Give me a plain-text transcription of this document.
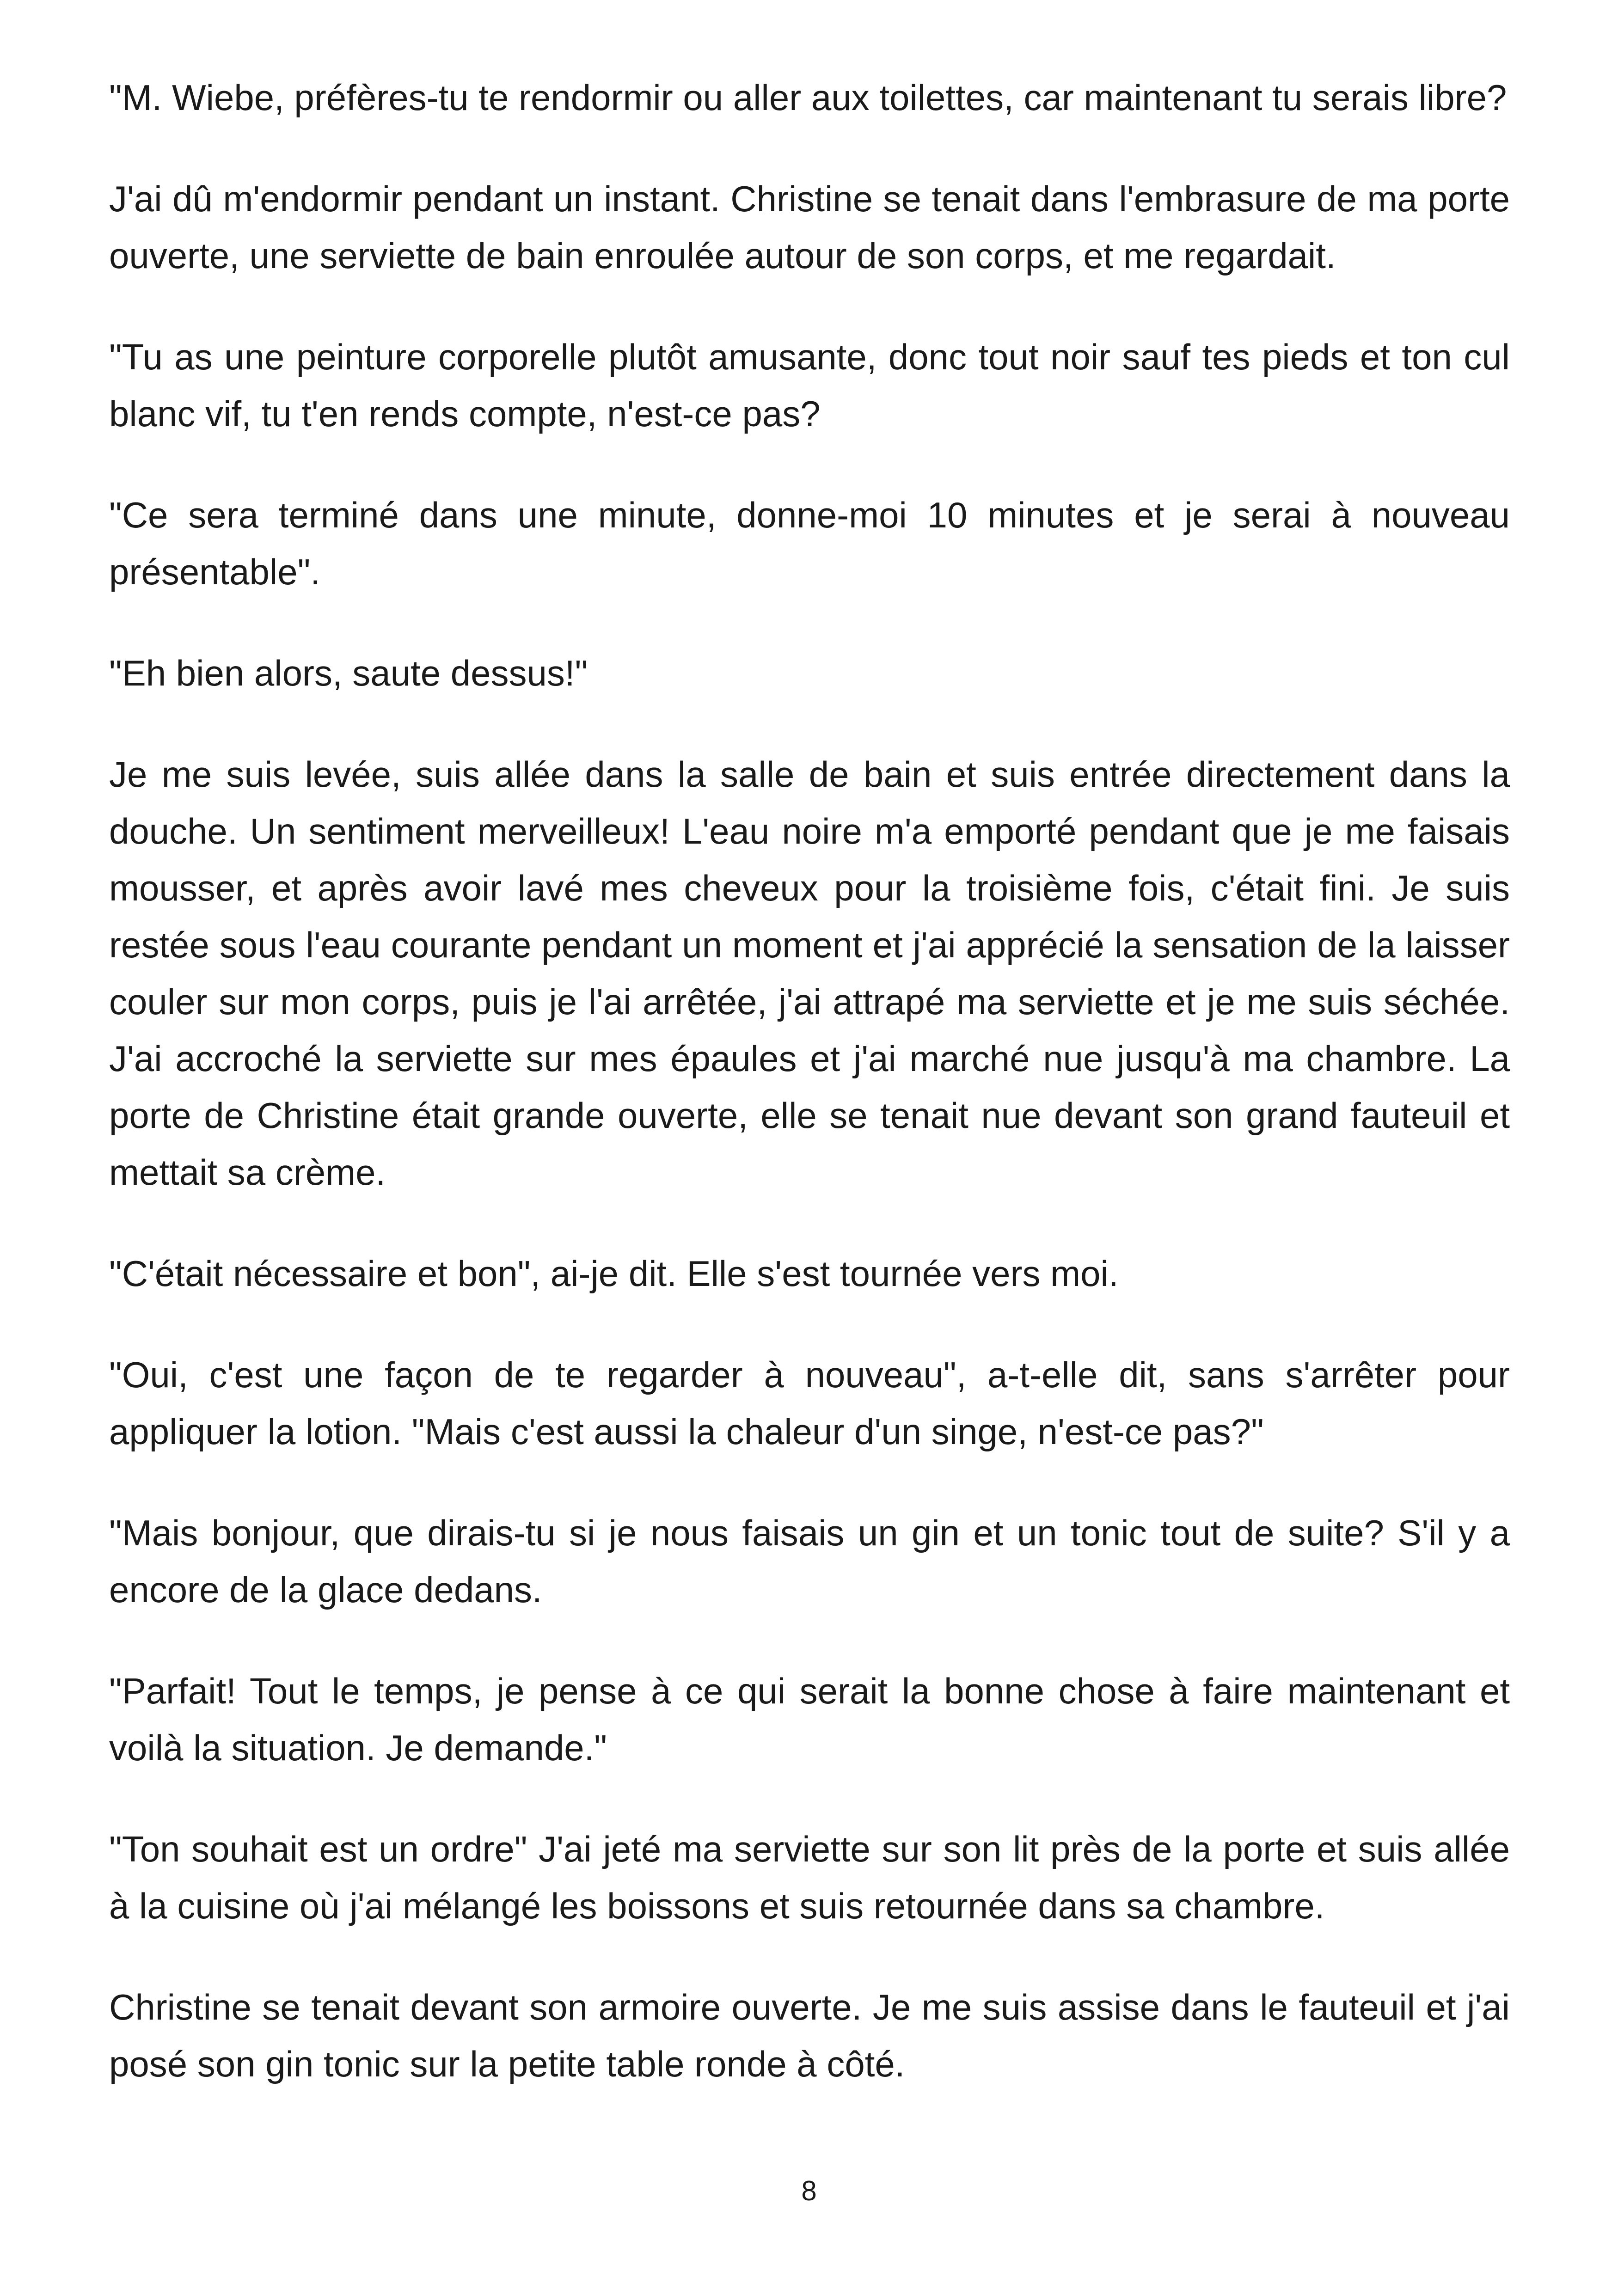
"M. Wiebe, préfères-tu te rendormir ou aller aux toilettes, car maintenant tu serais libre?

J'ai dû m'endormir pendant un instant. Christine se tenait dans l'embrasure de ma porte ouverte, une serviette de bain enroulée autour de son corps, et me regardait.

"Tu as une peinture corporelle plutôt amusante, donc tout noir sauf tes pieds et ton cul blanc vif, tu t'en rends compte, n'est-ce pas?

"Ce sera terminé dans une minute, donne-moi 10 minutes et je serai à nouveau présentable".

"Eh bien alors, saute dessus!"

Je me suis levée, suis allée dans la salle de bain et suis entrée directement dans la douche. Un sentiment merveilleux! L'eau noire m'a emporté pendant que je me faisais mousser, et après avoir lavé mes cheveux pour la troisième fois, c'était fini. Je suis restée sous l'eau courante pendant un moment et j'ai apprécié la sensation de la laisser couler sur mon corps, puis je l'ai arrêtée, j'ai attrapé ma serviette et je me suis séchée. J'ai accroché la serviette sur mes épaules et j'ai marché nue jusqu'à ma chambre. La porte de Christine était grande ouverte, elle se tenait nue devant son grand fauteuil et mettait sa crème.

"C'était nécessaire et bon", ai-je dit. Elle s'est tournée vers moi.

"Oui, c'est une façon de te regarder à nouveau", a-t-elle dit, sans s'arrêter pour appliquer la lotion. "Mais c'est aussi la chaleur d'un singe, n'est-ce pas?"

"Mais bonjour, que dirais-tu si je nous faisais un gin et un tonic tout de suite? S'il y a encore de la glace dedans.

"Parfait! Tout le temps, je pense à ce qui serait la bonne chose à faire maintenant et voilà la situation. Je demande."

"Ton souhait est un ordre" J'ai jeté ma serviette sur son lit près de la porte et suis allée à la cuisine où j'ai mélangé les boissons et suis retournée dans sa chambre.

Christine se tenait devant son armoire ouverte. Je me suis assise dans le fauteuil et j'ai posé son gin tonic sur la petite table ronde à côté.

8
